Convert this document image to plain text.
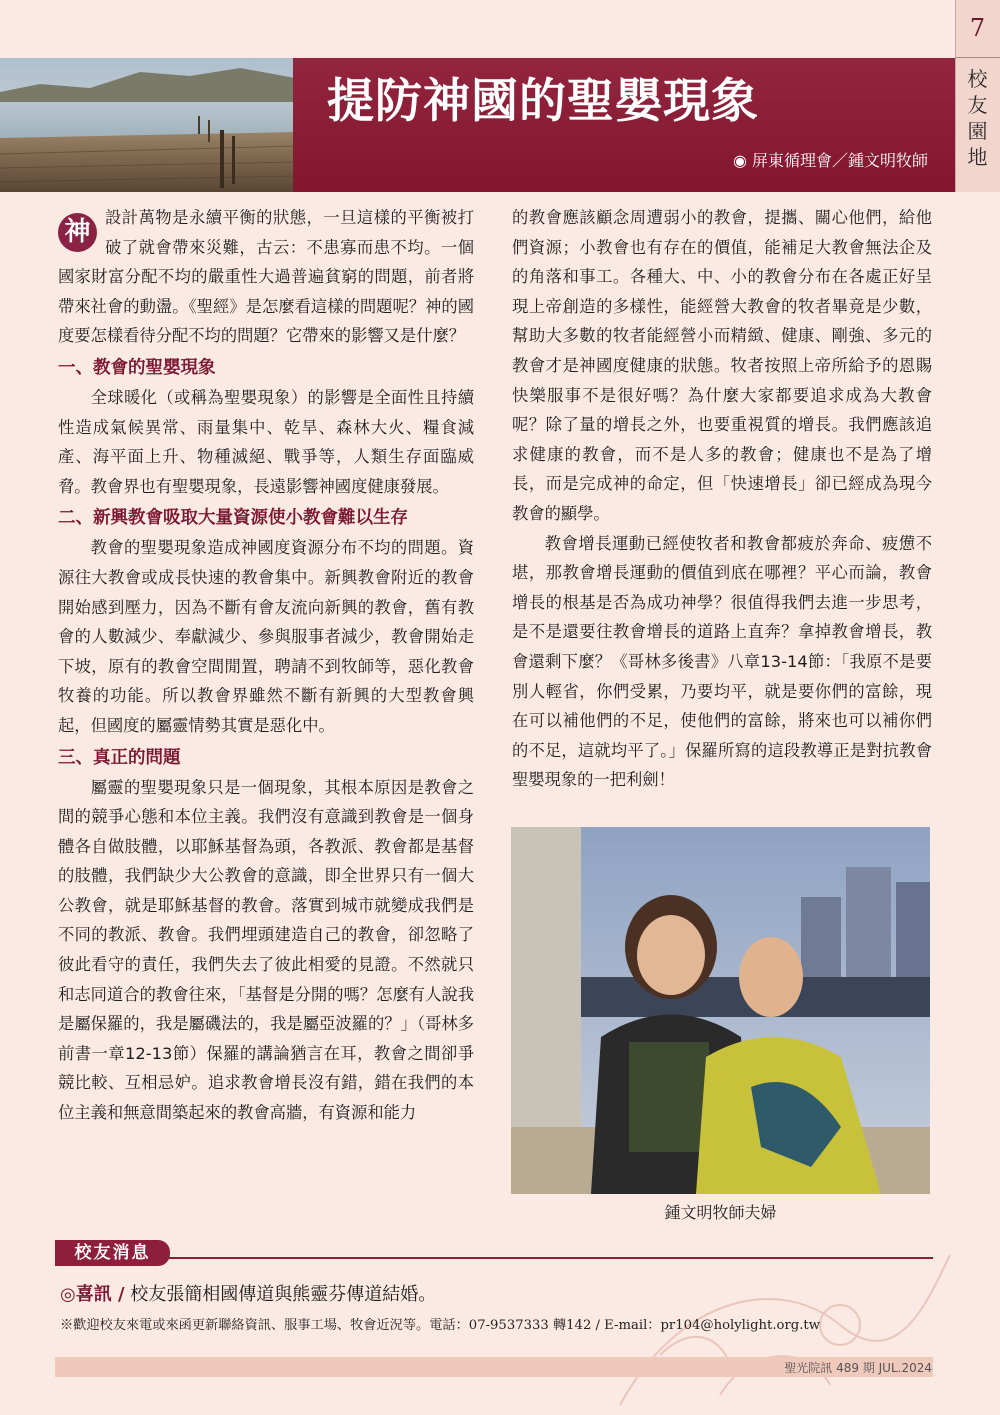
提防神國的聖嬰現象
◉ 屏東循理會／鍾文明牧師
7
校
友
園
地

神 設計萬物是永續平衡的狀態，一旦這樣的平衡被打破了就會帶來災難，古云：不患寡而患不均。一個國家財富分配不均的嚴重性大過普遍貧窮的問題，前者將帶來社會的動盪。《聖經》是怎麼看這樣的問題呢？神的國度要怎樣看待分配不均的問題？它帶來的影響又是什麼？

一、教會的聖嬰現象

全球暖化（或稱為聖嬰現象）的影響是全面性且持續性造成氣候異常、雨量集中、乾旱、森林大火、糧食減產、海平面上升、物種滅絕、戰爭等，人類生存面臨威脅。教會界也有聖嬰現象，長遠影響神國度健康發展。

二、新興教會吸取大量資源使小教會難以生存

教會的聖嬰現象造成神國度資源分布不均的問題。資源往大教會或成長快速的教會集中。新興教會附近的教會開始感到壓力，因為不斷有會友流向新興的教會，舊有教會的人數減少、奉獻減少、參與服事者減少，教會開始走下坡，原有的教會空間閒置，聘請不到牧師等，惡化教會牧養的功能。所以教會界雖然不斷有新興的大型教會興起，但國度的屬靈情勢其實是惡化中。

三、真正的問題

屬靈的聖嬰現象只是一個現象，其根本原因是教會之間的競爭心態和本位主義。我們沒有意識到教會是一個身體各自做肢體，以耶穌基督為頭，各教派、教會都是基督的肢體，我們缺少大公教會的意識，即全世界只有一個大公教會，就是耶穌基督的教會。落實到城市就變成我們是不同的教派、教會。我們埋頭建造自己的教會，卻忽略了彼此看守的責任，我們失去了彼此相愛的見證。不然就只和志同道合的教會往來，「基督是分開的嗎？怎麼有人說我是屬保羅的，我是屬磯法的，我是屬亞波羅的？」（哥林多前書一章12-13節）保羅的講論猶言在耳，教會之間卻爭競比較、互相忌妒。追求教會增長沒有錯，錯在我們的本位主義和無意間築起來的教會高牆，有資源和能力

的教會應該顧念周遭弱小的教會，提攜、關心他們，給他們資源；小教會也有存在的價值，能補足大教會無法企及的角落和事工。各種大、中、小的教會分布在各處正好呈現上帝創造的多樣性，能經營大教會的牧者畢竟是少數，幫助大多數的牧者能經營小而精緻、健康、剛強、多元的教會才是神國度健康的狀態。牧者按照上帝所給予的恩賜快樂服事不是很好嗎？為什麼大家都要追求成為大教會呢？除了量的增長之外，也要重視質的增長。我們應該追求健康的教會，而不是人多的教會；健康也不是為了增長，而是完成神的命定，但「快速增長」卻已經成為現今教會的顯學。

教會增長運動已經使牧者和教會都疲於奔命、疲憊不堪，那教會增長運動的價值到底在哪裡？平心而論，教會增長的根基是否為成功神學？很值得我們去進一步思考，是不是還要往教會增長的道路上直奔？拿掉教會增長，教會還剩下麼？《哥林多後書》八章13-14節：「我原不是要別人輕省，你們受累，乃要均平，就是要你們的富餘，現在可以補他們的不足，使他們的富餘，將來也可以補你們的不足，這就均平了。」保羅所寫的這段教導正是對抗教會聖嬰現象的一把利劍！

鍾文明牧師夫婦
校友消息
◎喜訊 / 校友張簡相國傳道與熊靈芬傳道結婚。
※歡迎校友來電或來函更新聯絡資訊、服事工場、牧會近況等。電話：07-9537333 轉142 / E-mail：pr104@holylight.org.tw
聖光院訊 489 期 JUL.2024
